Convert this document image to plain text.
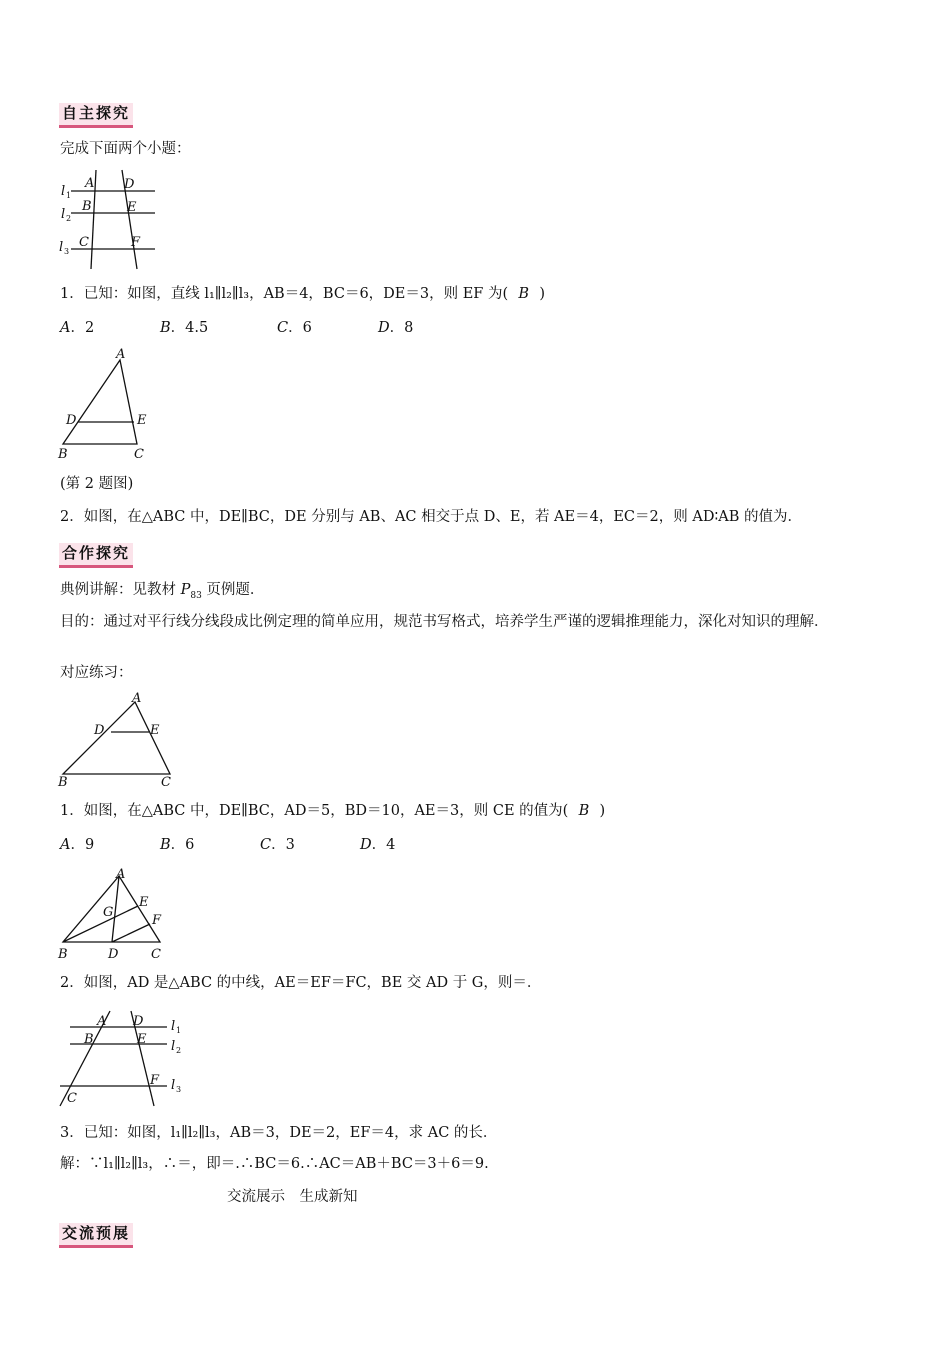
自主探究
完成下面两个小题：
A D
B	E
C	F
l 1
l 2
l 3
1．已知：如图，直线 l₁∥l₂∥l₃，AB＝4，BC＝6，DE＝3，则 EF 为( B )
A．2	B．4.5	C．6	D．8
A
D	E
B	C
(第 2 题图)
2．如图，在△ABC 中，DE∥BC，DE 分别与 AB、AC 相交于点 D、E，若 AE＝4，EC＝2，则 AD∶AB 的值为．
合作探究
典例讲解：见教材 $P_{83}$ 页例题．
目的：通过对平行线分线段成比例定理的简单应用，规范书写格式，培养学生严谨的逻辑推理能力，深化对知识的理解．
对应练习：
A
D	E
B	C
1．如图，在△ABC 中，DE∥BC，AD＝5，BD＝10，AE＝3，则 CE 的值为( B )
A．9	B．6	C．3	D．4
A
E
G
F
B	D	C
2．如图，AD 是△ABC 的中线，AE＝EF＝FC，BE 交 AD 于 G，则＝．
A D
B	E
F
C
l 1
l 2
l 3
3．已知：如图，l₁∥l₂∥l₃，AB＝3，DE＝2，EF＝4，求 AC 的长．
解：∵l₁∥l₂∥l₃，∴＝，即＝.∴BC＝6.∴AC＝AB＋BC＝3＋6＝9.
交流展示　生成新知
交流预展
